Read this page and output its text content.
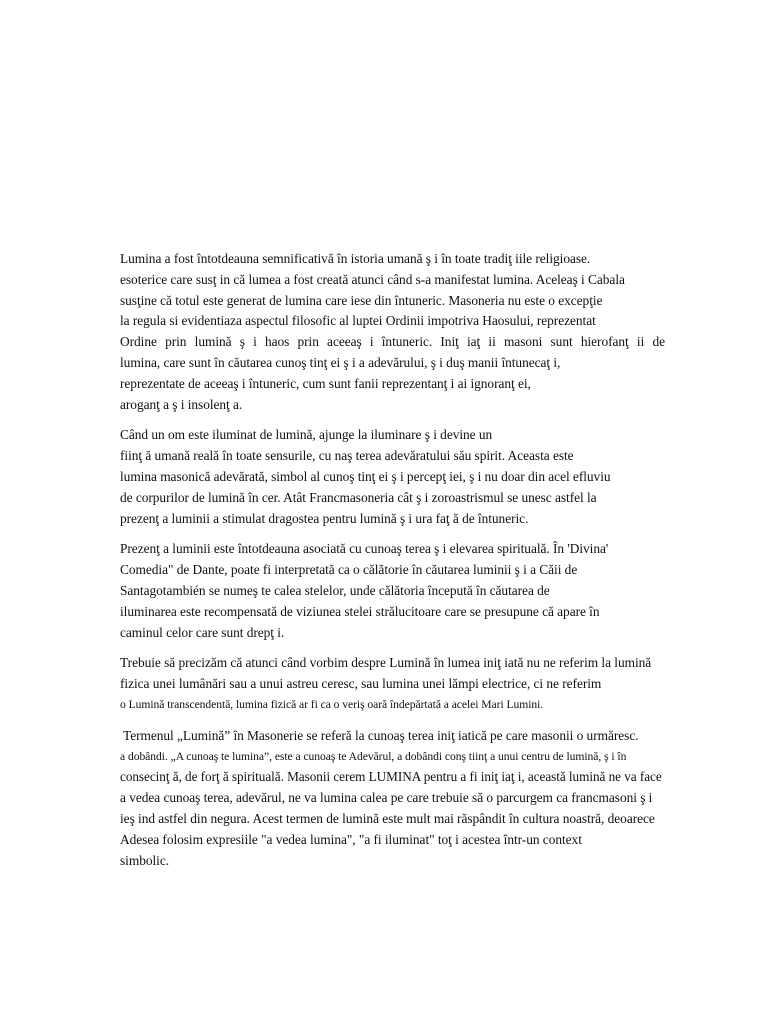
Lumina a fost întotdeauna semnificativă în istoria umană ş i în toate tradiţ iile religioase.
esoterice care susţ in că lumea a fost creată atunci când s-a manifestat lumina. Aceleaş i Cabala
susţine că totul este generat de lumina care iese din întuneric. Masoneria nu este o excepţie
la regula si evidentiaza aspectul filosofic al luptei Ordinii impotriva Haosului, reprezentat
Ordine prin lumină ş i haos prin aceeaş i întuneric. Iniţ iaţ ii masoni sunt hierofanţ ii de
lumina, care sunt în căutarea cunoş tinţ ei ş i a adevărului, ş i duş manii întunecaţ i,
reprezentate de aceeaş i întuneric, cum sunt fanii reprezentanţ i ai ignoranţ ei,
aroganţ a ş i insolenţ a.
Când un om este iluminat de lumină, ajunge la iluminare ş i devine un
fiinţ ă umană reală în toate sensurile, cu naş terea adevăratului său spirit. Aceasta este
lumina masonică adevărată, simbol al cunoş tinţ ei ş i percepţ iei, ş i nu doar din acel efluviu
de corpurilor de lumină în cer. Atât Francmasoneria cât ş i zoroastrismul se unesc astfel la
prezenţ a luminii a stimulat dragostea pentru lumină ş i ura faţ ă de întuneric.
Prezenţ a luminii este întotdeauna asociată cu cunoaş terea ş i elevarea spirituală. În 'Divina'
Comedia" de Dante, poate fi interpretată ca o călătorie în căutarea luminii ş i a Căii de
Santagotambién se numeş te calea stelelor, unde călătoria începută în căutarea de
iluminarea este recompensată de viziunea stelei strălucitoare care se presupune că apare în
caminul celor care sunt drepţ i.
Trebuie să precizăm că atunci când vorbim despre Lumină în lumea iniţ iată nu ne referim la lumină
fizica unei lumânări sau a unui astreu ceresc, sau lumina unei lămpi electrice, ci ne referim
o Lumină transcendentă, lumina fizică ar fi ca o veriş oară îndepărtată a acelei Mari Lumini.
Termenul „Lumină” în Masonerie se referă la cunoaş terea iniţ iatică pe care masonii o urmăresc.
a dobândi. „A cunoaş te lumina”, este a cunoaş te Adevărul, a dobândi conş tiinţ a unui centru de lumină, ş i în
consecinţ ă, de forţ ă spirituală. Masonii cerem LUMINA pentru a fi iniţ iaţ i, această lumină ne va face
a vedea cunoaş terea, adevărul, ne va lumina calea pe care trebuie să o parcurgem ca francmasoni ş i
ieş ind astfel din negura. Acest termen de lumină este mult mai răspândit în cultura noastră, deoarece
Adesea folosim expresiile "a vedea lumina", "a fi iluminat" toţ i acestea într-un context
simbolic.
